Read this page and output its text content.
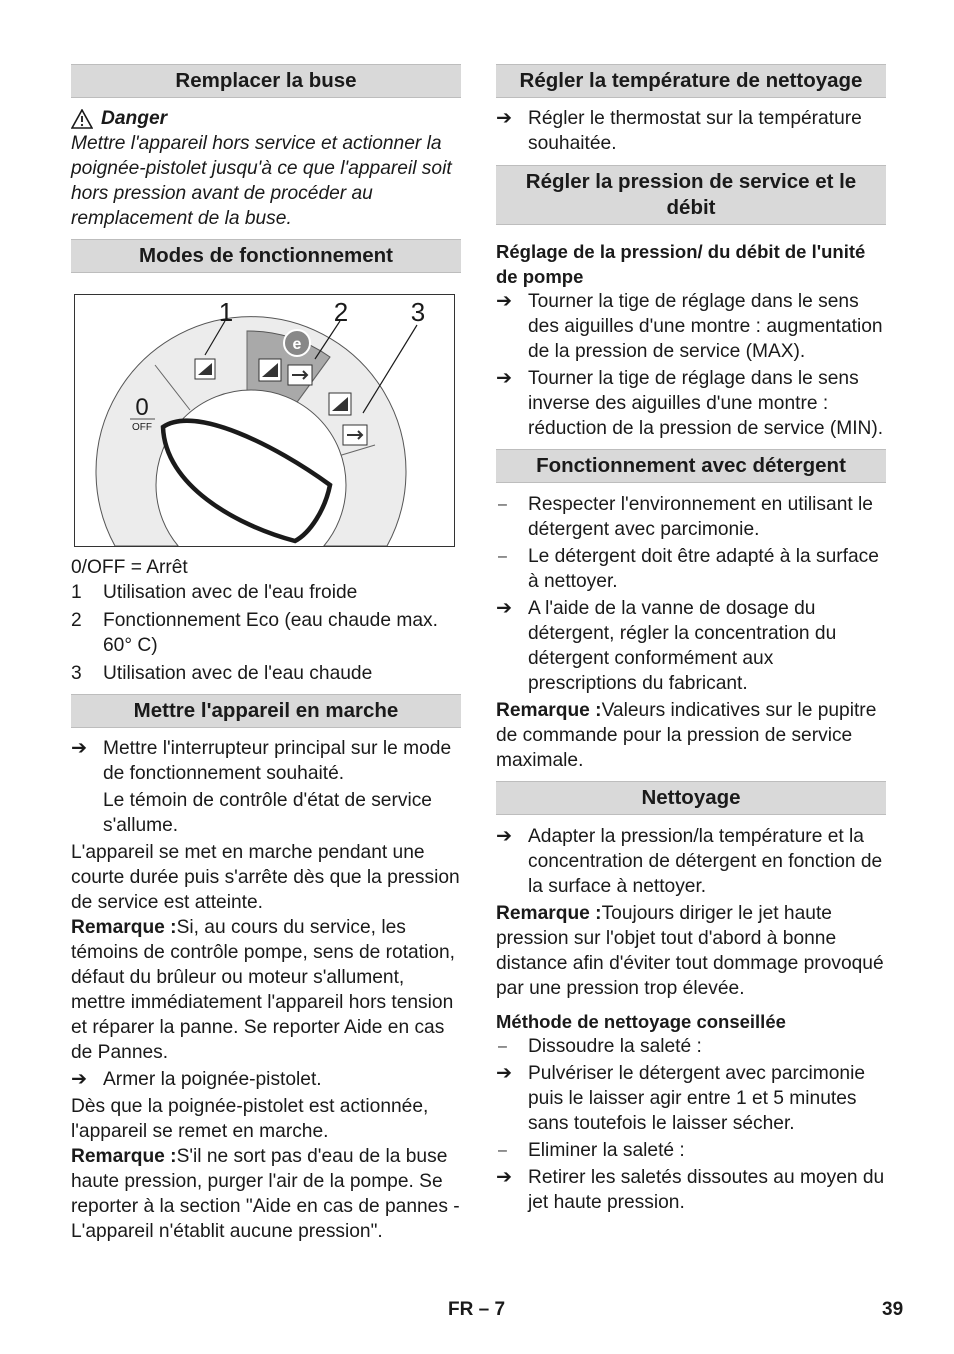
Remplacer la buse
Danger

Mettre l'appareil hors service et actionner la poignée-pistolet jusqu'à ce que l'appareil soit hors pression avant de procéder au remplacement de la buse.

Modes de fonctionnement
e
1	2 3
0
OFF
0/OFF = Arrêt
1	Utilisation avec de l'eau froide
2	Fonctionnement Eco (eau chaude max. 60° C)
3	Utilisation avec de l'eau chaude
Mettre l'appareil en marche
➔ Mettre l'interrupteur principal sur le mode de fonctionnement souhaité.
Le témoin de contrôle d'état de service s'allume.

L'appareil se met en marche pendant une courte durée puis s'arrête dès que la pression de service est atteinte.

Remarque :Si, au cours du service, les témoins de contrôle pompe, sens de rotation, défaut du brûleur ou moteur s'allument, mettre immédiatement l'appareil hors tension et réparer la panne. Se reporter Aide en cas de Pannes.

➔ Armer la poignée-pistolet.

Dès que la poignée-pistolet est actionnée, l'appareil se remet en marche.

Remarque :S'il ne sort pas d'eau de la buse haute pression, purger l'air de la pompe. Se reporter à la section "Aide en cas de pannes - L'appareil n'établit aucune pression".

Régler la température de nettoyage
➔ Régler le thermostat sur la température souhaitée.
Régler la pression de service et le débit
Réglage de la pression/ du débit de l'unité de pompe
➔ Tourner la tige de réglage dans le sens des aiguilles d'une montre : augmentation de la pression de service (MAX).
➔ Tourner la tige de réglage dans le sens inverse des aiguilles d'une montre : réduction de la pression de service (MIN).
Fonctionnement avec détergent
–	Respecter l'environnement en utilisant le détergent avec parcimonie.
–	Le détergent doit être adapté à la surface à nettoyer.
➔ A l'aide de la vanne de dosage du détergent, régler la concentration du détergent conformément aux prescriptions du fabricant.

Remarque :Valeurs indicatives sur le pupitre de commande pour la pression de service maximale.

Nettoyage
➔ Adapter la pression/la température et la concentration de détergent en fonction de la surface à nettoyer.

Remarque :Toujours diriger le jet haute pression sur l'objet tout d'abord à bonne distance afin d'éviter tout dommage provoqué par une pression trop élevée.

Méthode de nettoyage conseillée
–	Dissoudre la saleté :
➔ Pulvériser le détergent avec parcimonie puis le laisser agir entre 1 et 5 minutes sans toutefois le laisser sécher.
–	Eliminer la saleté :
➔ Retirer les saletés dissoutes au moyen du jet haute pression.
FR – 7	39
